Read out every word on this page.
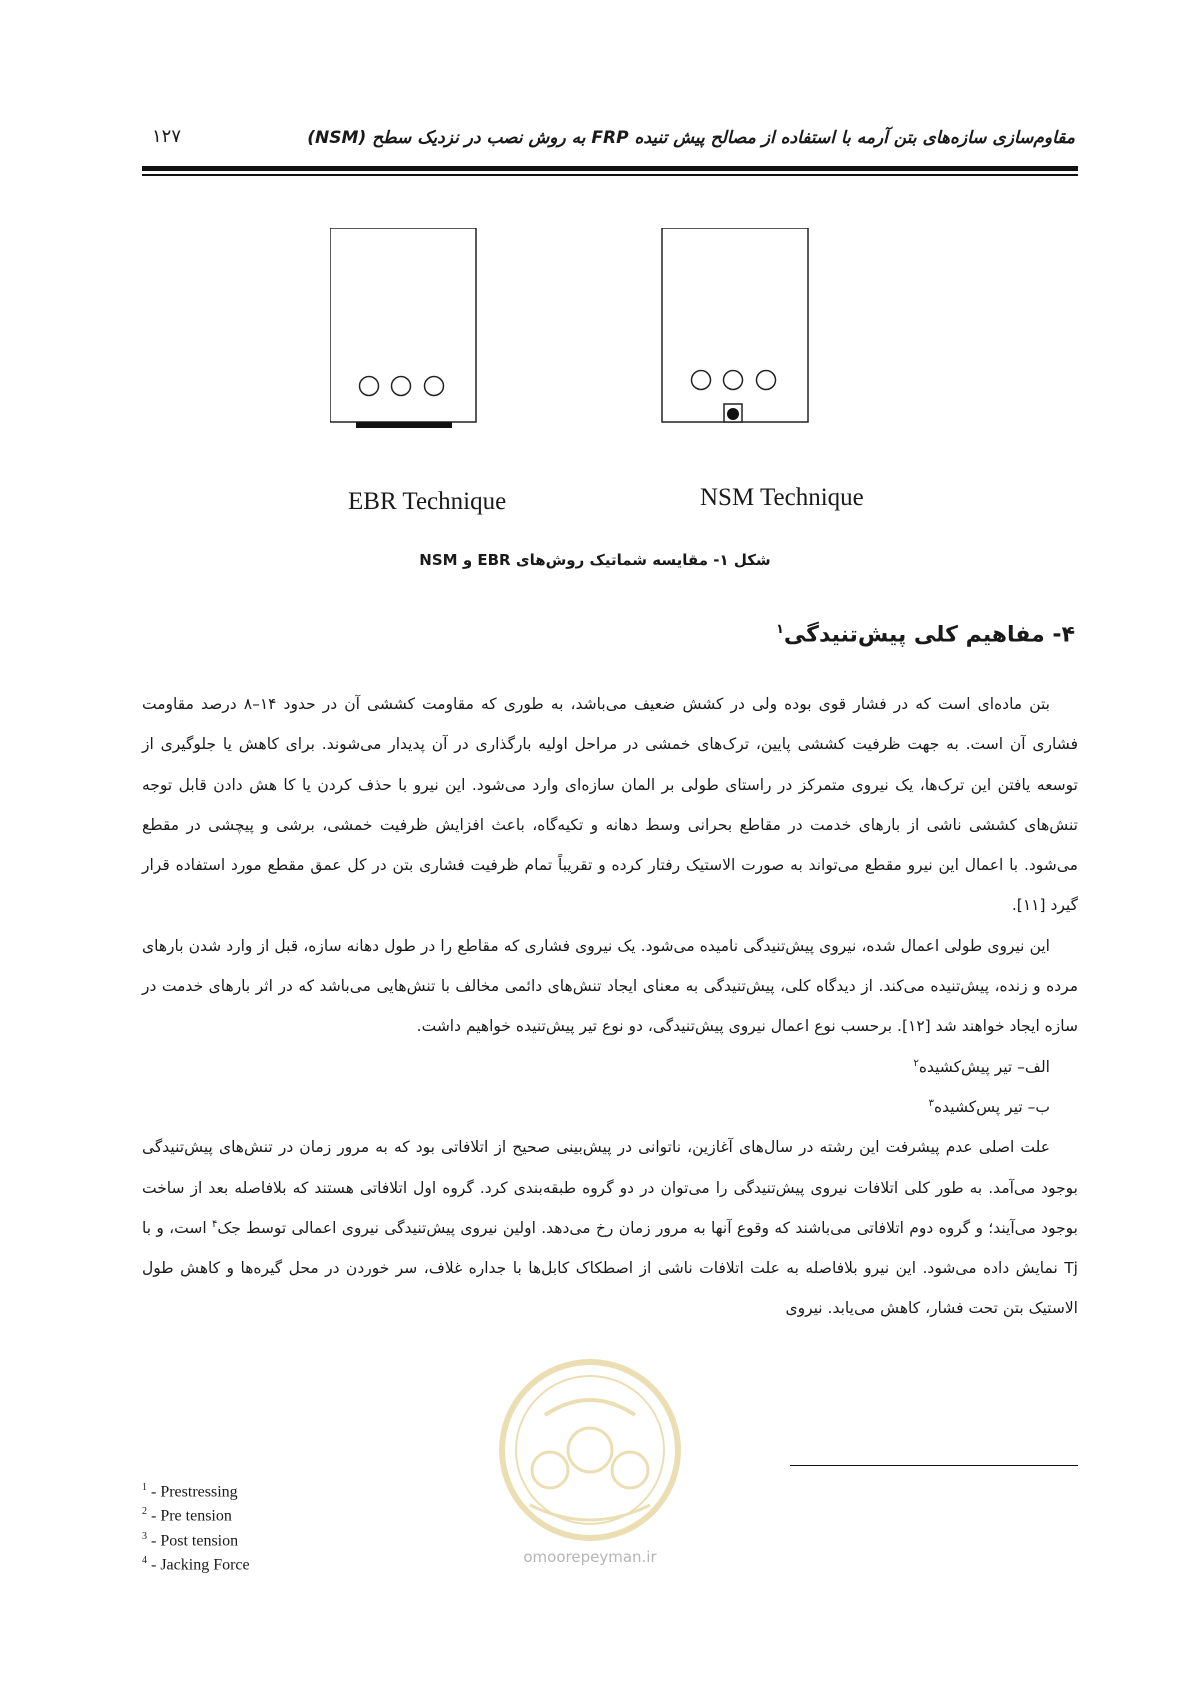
مقاوم‌سازی سازه‌های بتن آرمه با استفاده از مصالح پیش تنیده FRP به روش نصب در نزدیک سطح (NSM)
۱۲۷
EBR Technique	NSM Technique
شکل ۱- مقایسه شماتیک روش‌های EBR و NSM
۴- مفاهیم کلی پیش‌تنیدگی$^۱$

بتن ماده‌ای است که در فشار قوی بوده ولی در کشش ضعیف می‌باشد، به طوری که مقاومت کششی آن در حدود ۱۴–۸ درصد مقاومت فشاری آن است. به جهت ظرفیت کششی پایین، ترک‌های خمشی در مراحل اولیه بارگذاری در آن پدیدار می‌شوند. برای کاهش یا جلوگیری از توسعه یافتن این ترک‌ها، یک نیروی متمرکز در راستای طولی بر المان سازه‌ای وارد می‌شود. این نیرو با حذف کردن یا کا هش دادن قابل توجه تنش‌های کششی ناشی از بارهای خدمت در مقاطع بحرانی وسط دهانه و تکیه‌گاه، باعث افزایش ظرفیت خمشی، برشی و پیچشی در مقطع می‌شود. با اعمال این نیرو مقطع می‌تواند به صورت الاستیک رفتار کرده و تقریباً تمام ظرفیت فشاری بتن در کل عمق مقطع مورد استفاده قرار گیرد [۱۱].

این نیروی طولی اعمال شده، نیروی پیش‌تنیدگی نامیده می‌شود. یک نیروی فشاری که مقاطع را در طول دهانه سازه، قبل از وارد شدن بارهای مرده و زنده، پیش‌تنیده می‌کند. از دیدگاه کلی، پیش‌تنیدگی به معنای ایجاد تنش‌های دائمی مخالف با تنش‌هایی می‌باشد که در اثر بارهای خدمت در سازه ایجاد خواهند شد [۱۲]. برحسب نوع اعمال نیروی پیش‌تنیدگی، دو نوع تیر پیش‌تنیده خواهیم داشت.

الف– تیر پیش‌کشیده$^۲$
ب– تیر پس‌کشیده$^۳$

علت اصلی عدم پیشرفت این رشته در سال‌های آغازین، ناتوانی در پیش‌بینی صحیح از اتلافاتی بود که به مرور زمان در تنش‌های پیش‌تنیدگی بوجود می‌آمد. به طور کلی اتلافات نیروی پیش‌تنیدگی را می‌توان در دو گروه طبقه‌بندی کرد. گروه اول اتلافاتی هستند که بلافاصله بعد از ساخت بوجود می‌آیند؛ و گروه دوم اتلافاتی می‌باشند که وقوع آنها به مرور زمان رخ می‌دهد. اولین نیروی پیش‌تنیدگی نیروی اعمالی توسط جک$^۴$ است، و با Tj نمایش داده می‌شود. این نیرو بلافاصله به علت اتلافات ناشی از اصطکاک کابل‌ها با جداره غلاف، سر خوردن در محل گیره‌ها و کاهش طول الاستیک بتن تحت فشار، کاهش می‌یابد. نیروی

omoorepeyman.ir
$^1$ - Prestressing
$^2$ - Pre tension
$^3$ - Post tension
$^4$ - Jacking Force
